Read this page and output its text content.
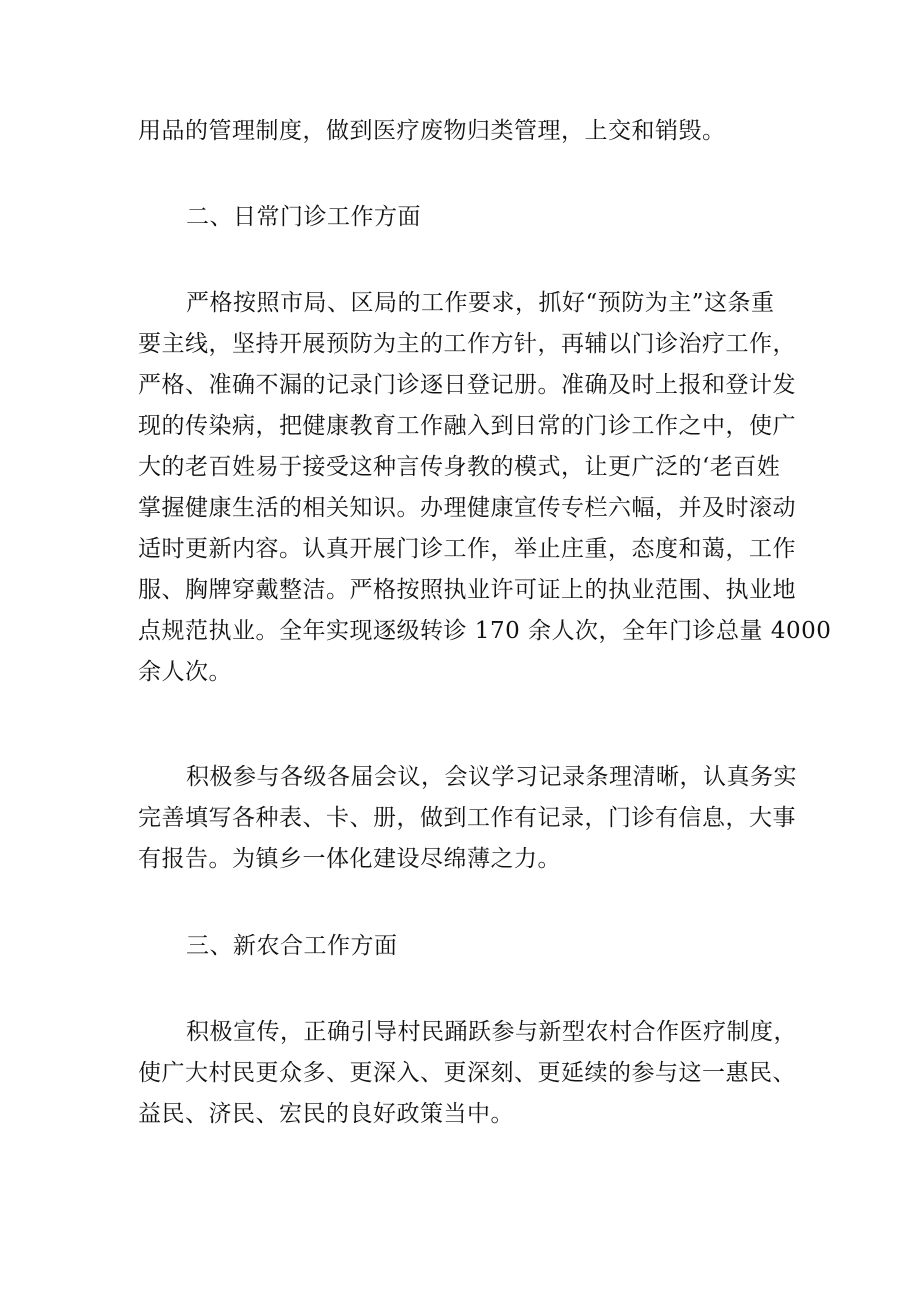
用品的管理制度，做到医疗废物归类管理，上交和销毁。
二、日常门诊工作方面
严格按照市局、区局的工作要求，抓好“预防为主”这条重
要主线，坚持开展预防为主的工作方针，再辅以门诊治疗工作，
严格、准确不漏的记录门诊逐日登记册。准确及时上报和登计发
现的传染病，把健康教育工作融入到日常的门诊工作之中，使广
大的老百姓易于接受这种言传身教的模式，让更广泛的‘老百姓
掌握健康生活的相关知识。办理健康宣传专栏六幅，并及时滚动
适时更新内容。认真开展门诊工作，举止庄重，态度和蔼，工作
服、胸牌穿戴整洁。严格按照执业许可证上的执业范围、执业地
点规范执业。全年实现逐级转诊 170 余人次，全年门诊总量 4000
余人次。
积极参与各级各届会议，会议学习记录条理清晰，认真务实
完善填写各种表、卡、册，做到工作有记录，门诊有信息，大事
有报告。为镇乡一体化建设尽绵薄之力。
三、新农合工作方面
积极宣传，正确引导村民踊跃参与新型农村合作医疗制度，
使广大村民更众多、更深入、更深刻、更延续的参与这一惠民、
益民、济民、宏民的良好政策当中。
